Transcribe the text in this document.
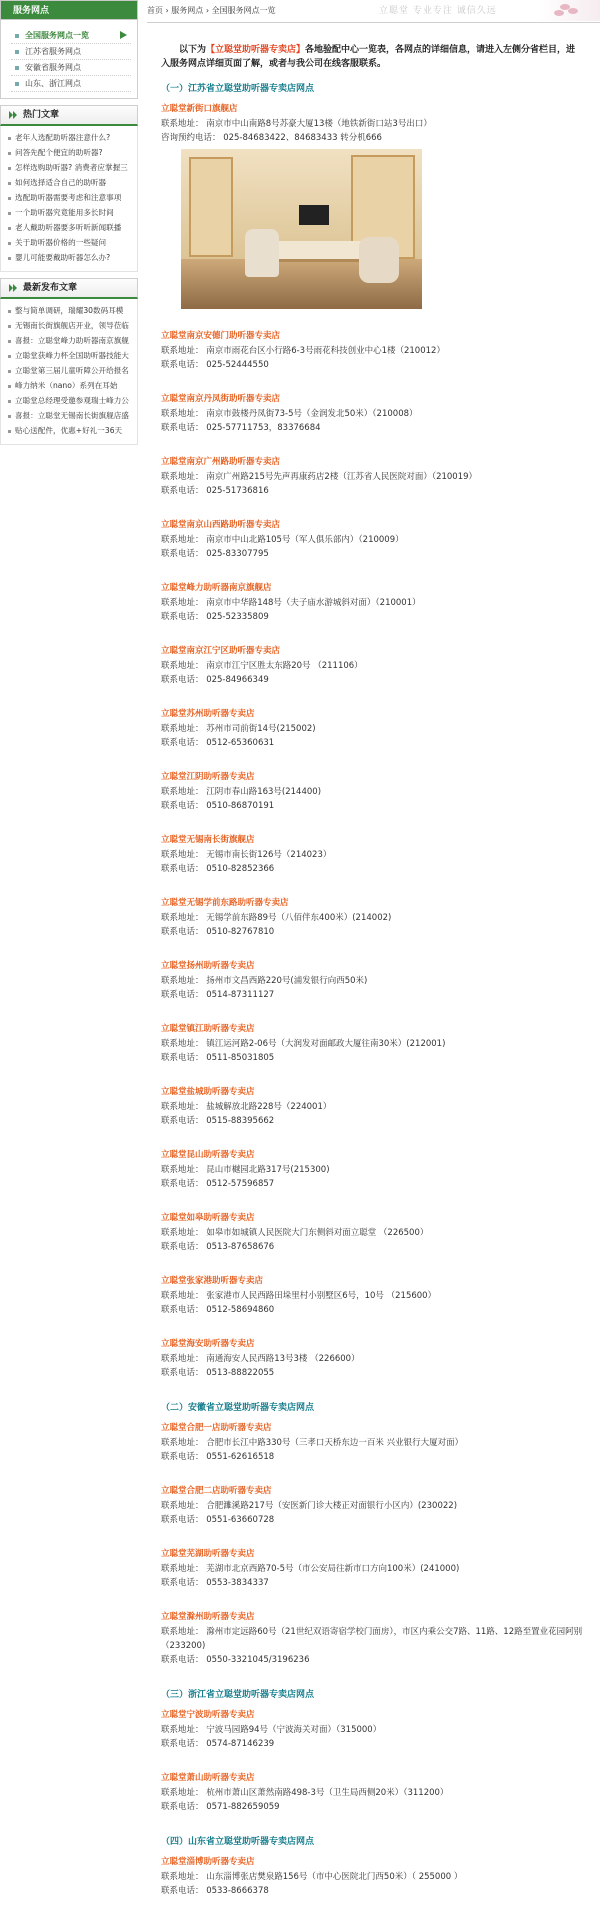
服务网点
全国服务网点一览
江苏省服务网点
安徽省服务网点
山东、浙江网点
热门文章
老年人选配助听器注意什么?
问答先配个便宜的助听器?
怎样选购助听器? 消费者应掌握三
如何选择适合自己的助听器
选配助听器需要考虑和注意事项
一个助听器究竟能用多长时间
老人戴助听器要多听听新闻联播
关于助听器价格的一些疑问
婴儿可能要戴助听器怎么办?
最新发布文章
整与简单调研，瑞耀30数码耳模
无锡南长街旗舰店开业，领导莅临
喜报：立聪堂峰力助听器南京旗舰
立聪堂获峰力杯全国助听器技能大
立聪堂第三届儿童听障公开给报名
峰力纳米（nano）系列在耳始
立聪堂总经理受邀参观瑞士峰力公
喜报：立聪堂无锡南长街旗舰店盛
贴心送配件，优惠+好礼一36天
首页 › 服务网点 › 全国服务网点一览	立聪堂 专业专注 诚信久远

以下为【立聪堂助听器专卖店】各地验配中心一览表，各网点的详细信息，请进入左侧分省栏目，进入服务网点详细页面了解，或者与我公司在线客服联系。

（一）江苏省立聪堂助听器专卖店网点
立聪堂新街口旗舰店
联系地址： 南京市中山南路8号苏豪大厦13楼（地铁新街口站3号出口）
咨询预约电话： 025-84683422、84683433 转分机666
立聪堂南京安德门助听器专卖店
联系地址： 南京市雨花台区小行路6-3号雨花科技创业中心1楼（210012）
联系电话： 025-52444550
立聪堂南京丹凤街助听器专卖店
联系地址： 南京市鼓楼丹凤街73-5号（金润发北50米）（210008）
联系电话： 025-57711753，83376684
立聪堂南京广州路助听器专卖店
联系地址： 南京广州路215号先声再康药店2楼（江苏省人民医院对面）（210019）
联系电话： 025-51736816
立聪堂南京山西路助听器专卖店
联系地址： 南京市中山北路105号（军人俱乐部内）（210009）
联系电话： 025-83307795
立聪堂峰力助听器南京旗舰店
联系地址： 南京市中华路148号（夫子庙水游城斜对面）（210001）
联系电话： 025-52335809
立聪堂南京江宁区助听器专卖店
联系地址： 南京市江宁区胜太东路20号 （211106）
联系电话： 025-84966349
立聪堂苏州助听器专卖店
联系地址： 苏州市司前街14号(215002)
联系电话： 0512-65360631
立聪堂江阴助听器专卖店
联系地址： 江阴市春山路163号(214400)
联系电话： 0510-86870191
立聪堂无锡南长街旗舰店
联系地址： 无锡市南长街126号（214023）
联系电话： 0510-82852366
立聪堂无锡学前东路助听器专卖店
联系地址： 无锡学前东路89号（八佰伴东400米）(214002)
联系电话： 0510-82767810
立聪堂扬州助听器专卖店
联系地址： 扬州市文昌西路220号(浦发银行向西50米)
联系电话： 0514-87311127
立聪堂镇江助听器专卖店
联系地址： 镇江运河路2-06号（大润发对面邮政大厦往南30米）(212001)
联系电话： 0511-85031805
立聪堂盐城助听器专卖店
联系地址： 盐城解放北路228号（224001）
联系电话： 0515-88395662
立聪堂昆山助听器专卖店
联系地址： 昆山市樾园北路317号(215300)
联系电话： 0512-57596857
立聪堂如皋助听器专卖店
联系地址： 如皋市如城镇人民医院大门东侧斜对面立聪堂 （226500）
联系电话： 0513-87658676
立聪堂张家港助听器专卖店
联系地址： 张家港市人民西路田垛里村小别墅区6号，10号 （215600）
联系电话： 0512-58694860
立聪堂海安助听器专卖店
联系地址： 南通海安人民西路13号3楼 （226600）
联系电话： 0513-88822055
（二）安徽省立聪堂助听器专卖店网点
立聪堂合肥一店助听器专卖店
联系地址： 合肥市长江中路330号（三孝口天桥东边一百米 兴业银行大厦对面）
联系电话： 0551-62616518
立聪堂合肥二店助听器专卖店
联系地址： 合肥濉溪路217号（安医新门诊大楼正对面银行小区内）(230022)
联系电话： 0551-63660728
立聪堂芜湖助听器专卖店
联系地址： 芜湖市北京西路70-5号（市公安局往新市口方向100米）(241000)
联系电话： 0553-3834337
立聪堂滁州助听器专卖店
联系地址： 滁州市定远路60号（21世纪双语寄宿学校门面房），市区内乘公交7路、11路、12路至置业花园阿别（233200)
联系电话： 0550-3321045/3196236
（三）浙江省立聪堂助听器专卖店网点
立聪堂宁波助听器专卖店
联系地址： 宁波马园路94号（宁波海关对面）（315000）
联系电话： 0574-87146239
立聪堂萧山助听器专卖店
联系地址： 杭州市萧山区萧然南路498-3号（卫生局西侧20米）（311200）
联系电话： 0571-882659059
（四）山东省立聪堂助听器专卖店网点
立聪堂淄博助听器专卖店
联系地址： 山东淄博张店樊泉路156号（市中心医院北门西50米）（ 255000 ）
联系电话： 0533-8666378
